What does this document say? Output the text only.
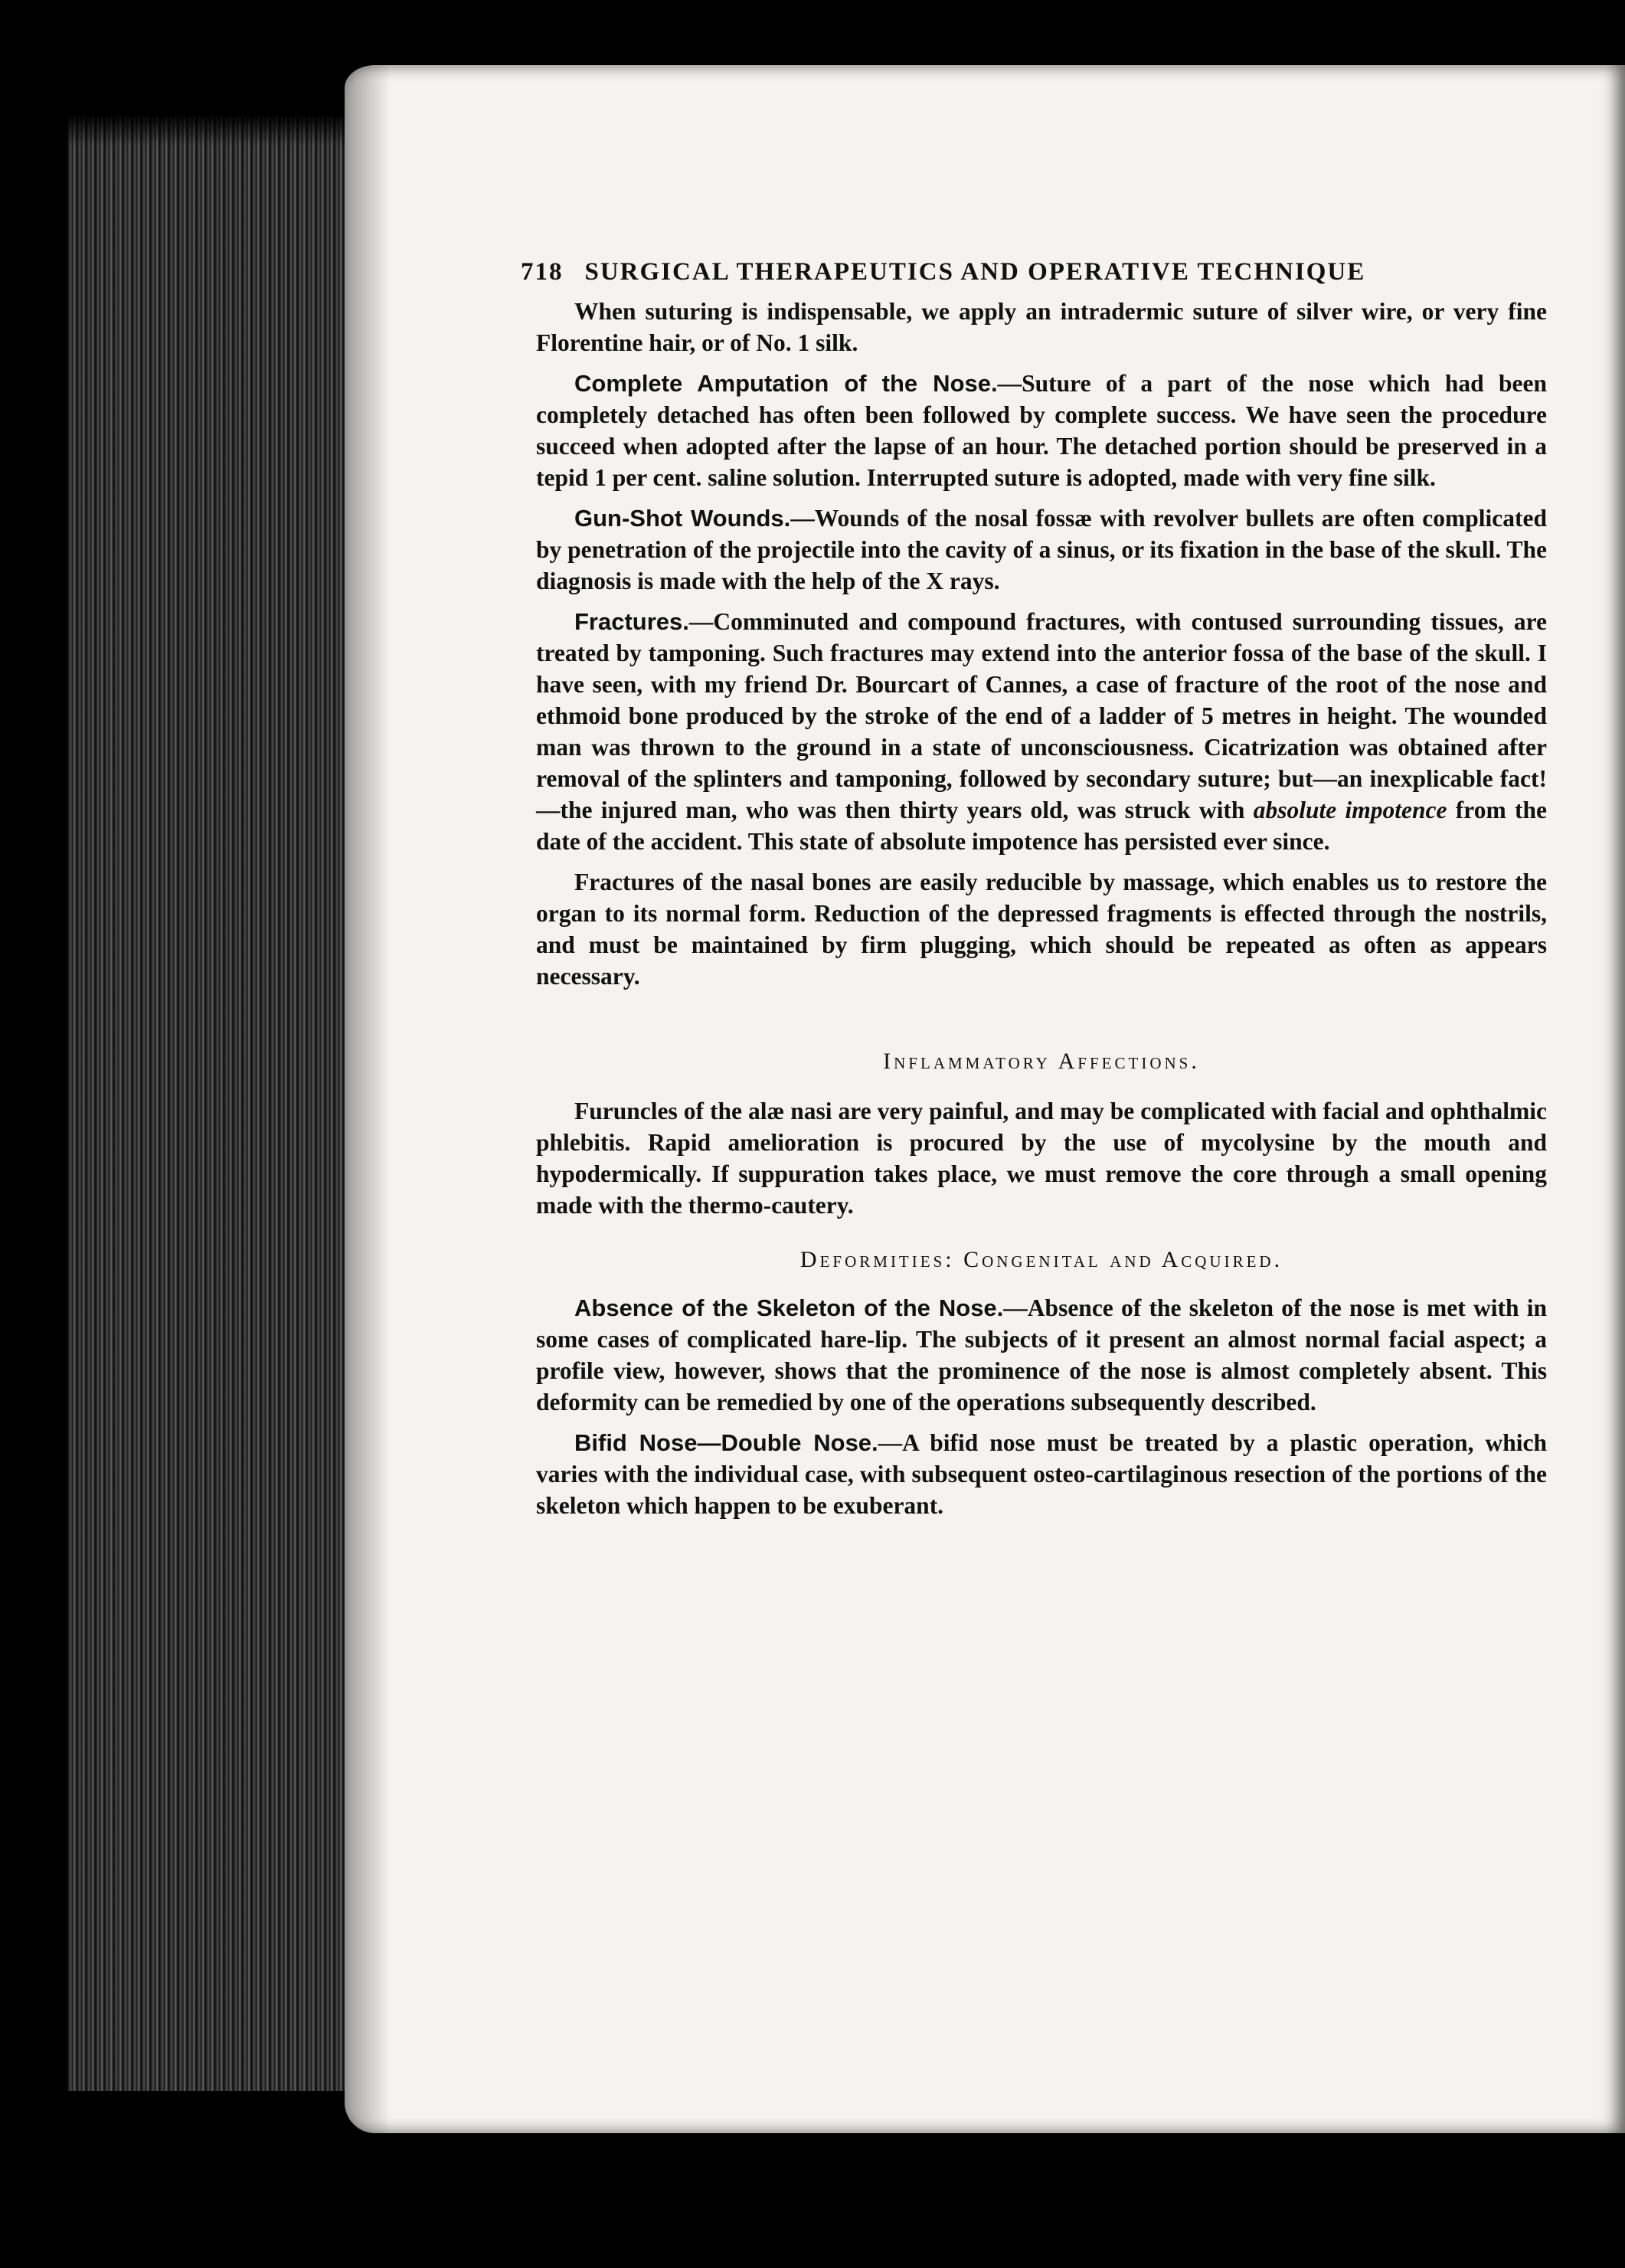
718 SURGICAL THERAPEUTICS AND OPERATIVE TECHNIQUE

When suturing is indispensable, we apply an intradermic suture of silver wire, or very fine Florentine hair, or of No. 1 silk.

Complete Amputation of the Nose.—Suture of a part of the nose which had been completely detached has often been followed by complete success. We have seen the procedure succeed when adopted after the lapse of an hour. The detached portion should be preserved in a tepid 1 per cent. saline solution. Interrupted suture is adopted, made with very fine silk.

Gun-Shot Wounds.—Wounds of the nosal fossæ with revolver bullets are often complicated by penetration of the projectile into the cavity of a sinus, or its fixation in the base of the skull. The diagnosis is made with the help of the X rays.

Fractures.—Comminuted and compound fractures, with contused surrounding tissues, are treated by tamponing. Such fractures may extend into the anterior fossa of the base of the skull. I have seen, with my friend Dr. Bourcart of Cannes, a case of fracture of the root of the nose and ethmoid bone produced by the stroke of the end of a ladder of 5 metres in height. The wounded man was thrown to the ground in a state of unconsciousness. Cicatrization was obtained after removal of the splinters and tamponing, followed by secondary suture; but—an inexplicable fact!—the injured man, who was then thirty years old, was struck with absolute impotence from the date of the accident. This state of absolute impotence has persisted ever since.

Fractures of the nasal bones are easily reducible by massage, which enables us to restore the organ to its normal form. Reduction of the depressed fragments is effected through the nostrils, and must be maintained by firm plugging, which should be repeated as often as appears necessary.

Inflammatory Affections.

Furuncles of the alæ nasi are very painful, and may be complicated with facial and ophthalmic phlebitis. Rapid amelioration is procured by the use of mycolysine by the mouth and hypodermically. If suppuration takes place, we must remove the core through a small opening made with the thermo-cautery.

Deformities: Congenital and Acquired.

Absence of the Skeleton of the Nose.—Absence of the skeleton of the nose is met with in some cases of complicated hare-lip. The subjects of it present an almost normal facial aspect; a profile view, however, shows that the prominence of the nose is almost completely absent. This deformity can be remedied by one of the operations subsequently described.

Bifid Nose—Double Nose.—A bifid nose must be treated by a plastic operation, which varies with the individual case, with subsequent osteo-cartilaginous resection of the portions of the skeleton which happen to be exuberant.
